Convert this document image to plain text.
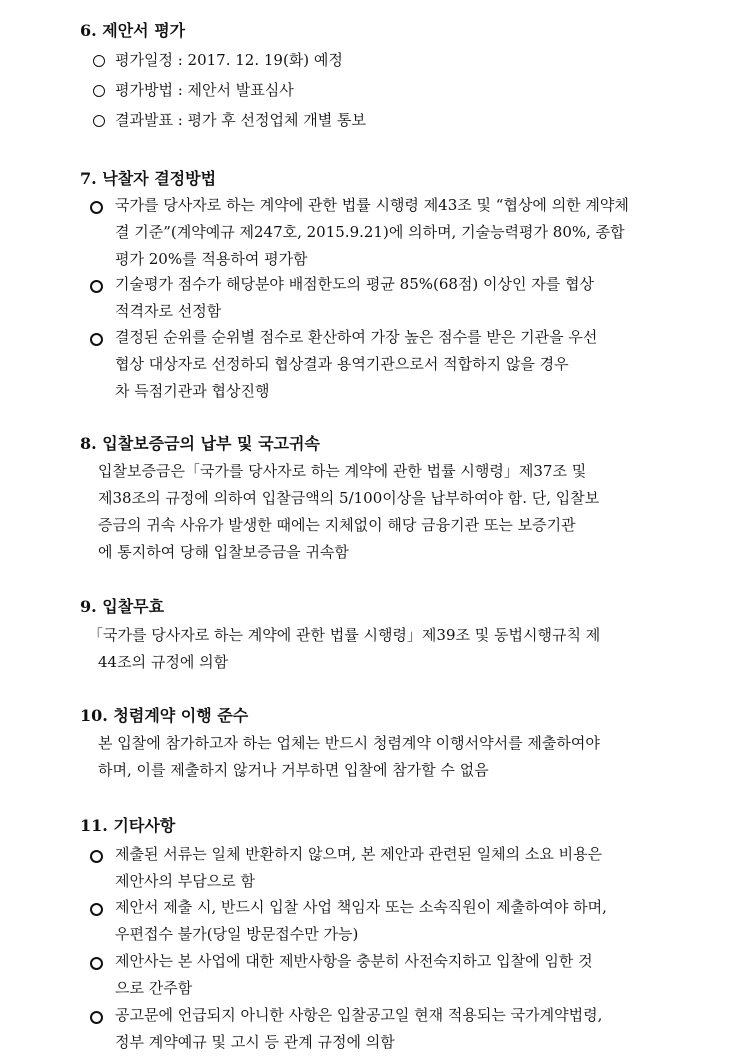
6. 제안서 평가
평가일정 : 2017. 12. 19(화) 예정
평가방법 : 제안서 발표심사
결과발표 : 평가 후 선정업체 개별 통보
7. 낙찰자 결정방법
국가를 당사자로 하는 계약에 관한 법률 시행령 제43조 및 “협상에 의한 계약체
결 기준”(계약예규 제247호, 2015.9.21)에 의하며, 기술능력평가 80%, 종합
평가 20%를 적용하여 평가함
기술평가 점수가 해당분야 배점한도의 평균 85%(68점) 이상인 자를 협상
적격자로 선정함
결정된 순위를 순위별 점수로 환산하여 가장 높은 점수를 받은 기관을 우선
협상 대상자로 선정하되 협상결과 용역기관으로서 적합하지 않을 경우
차 득점기관과 협상진행
8. 입찰보증금의 납부 및 국고귀속
입찰보증금은「국가를 당사자로 하는 계약에 관한 법률 시행령」제37조 및
제38조의 규정에 의하여 입찰금액의 5/100이상을 납부하여야 함. 단, 입찰보
증금의 귀속 사유가 발생한 때에는 지체없이 해당 금융기관 또는 보증기관
에 통지하여 당해 입찰보증금을 귀속함
9. 입찰무효
「국가를 당사자로 하는 계약에 관한 법률 시행령」제39조 및 동법시행규칙 제
44조의 규정에 의함
10. 청렴계약 이행 준수
본 입찰에 참가하고자 하는 업체는 반드시 청렴계약 이행서약서를 제출하여야
하며, 이를 제출하지 않거나 거부하면 입찰에 참가할 수 없음
11. 기타사항
제출된 서류는 일체 반환하지 않으며, 본 제안과 관련된 일체의 소요 비용은
제안사의 부담으로 함
제안서 제출 시, 반드시 입찰 사업 책임자 또는 소속직원이 제출하여야 하며,
우편접수 불가(당일 방문접수만 가능)
제안사는 본 사업에 대한 제반사항을 충분히 사전숙지하고 입찰에 임한 것
으로 간주함
공고문에 언급되지 아니한 사항은 입찰공고일 현재 적용되는 국가계약법령,
정부 계약예규 및 고시 등 관계 규정에 의함
